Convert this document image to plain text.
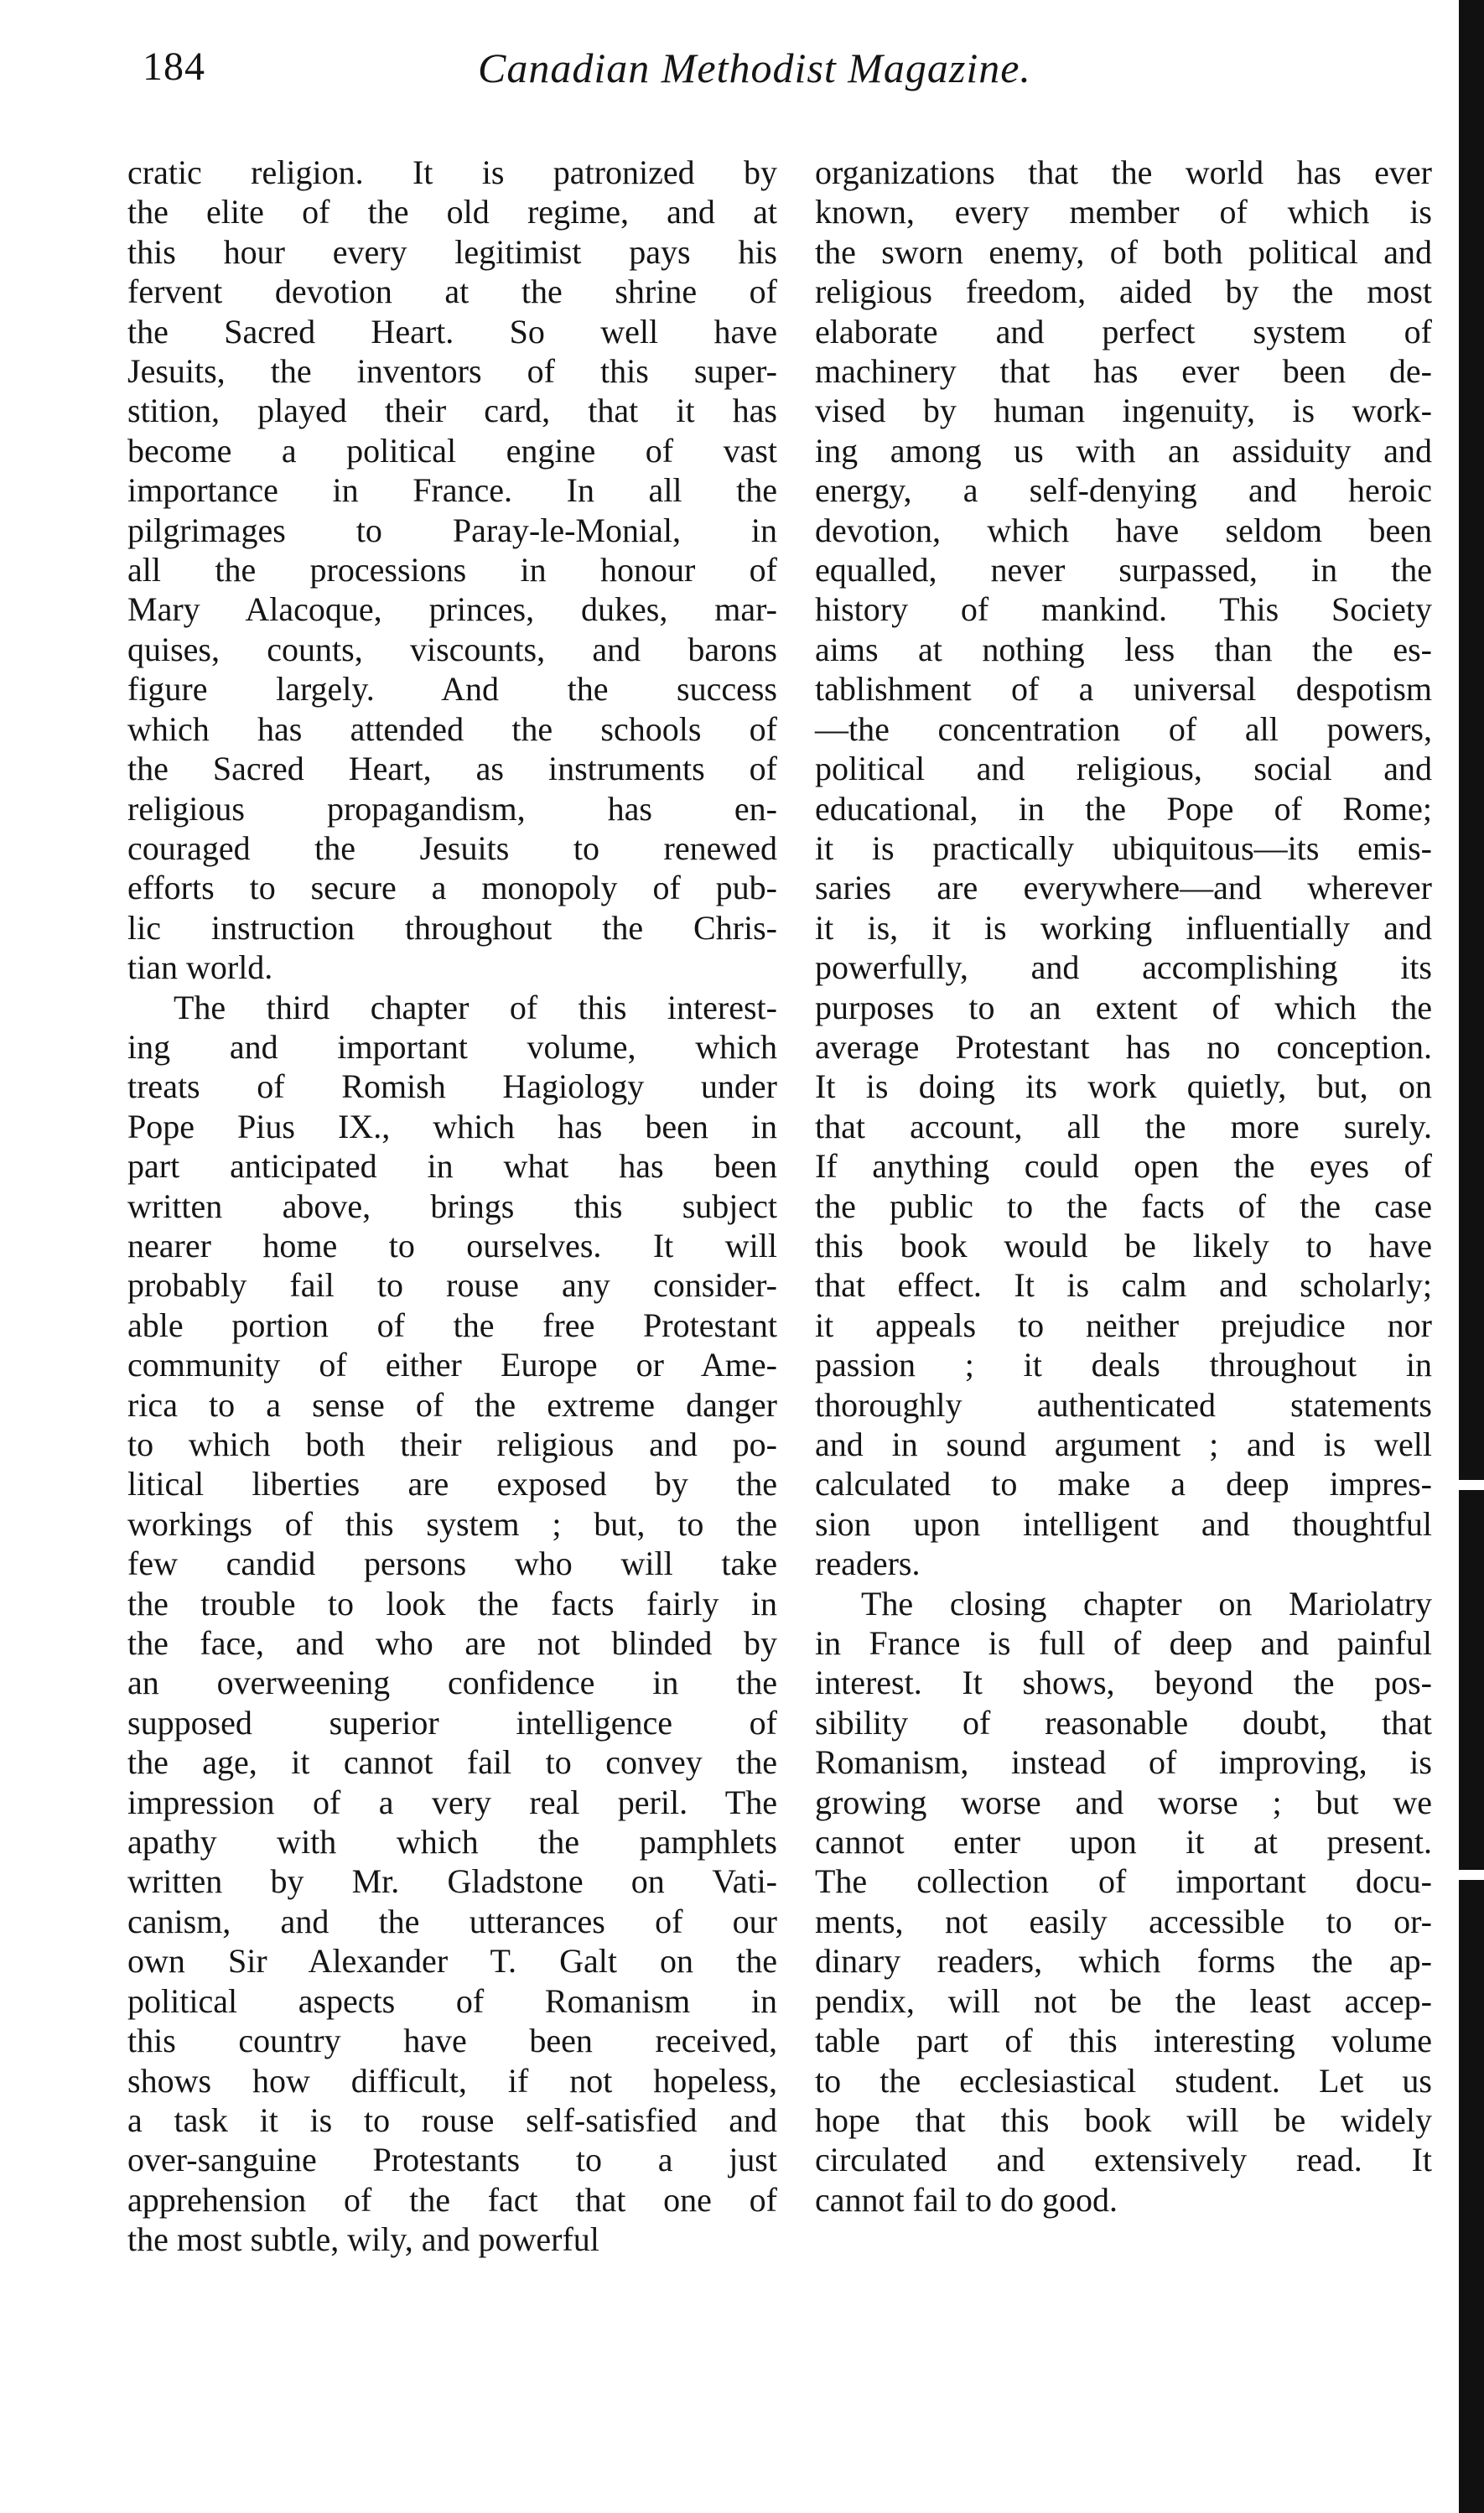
184	Canadian Methodist Magazine.
cratic religion. It is patronized by
the elite of the old regime, and at
this hour every legitimist pays his
fervent devotion at the shrine of
the Sacred Heart. So well have
Jesuits, the inventors of this super-
stition, played their card, that it has
become a political engine of vast
importance in France. In all the
pilgrimages to Paray-le-Monial, in
all the processions in honour of
Mary Alacoque, princes, dukes, mar-
quises, counts, viscounts, and barons
figure largely. And the success
which has attended the schools of
the Sacred Heart, as instruments of
religious propagandism, has en-
couraged the Jesuits to renewed
efforts to secure a monopoly of pub-
lic instruction throughout the Chris-
tian world.
The third chapter of this interest-
ing and important volume, which
treats of Romish Hagiology under
Pope Pius IX., which has been in
part anticipated in what has been
written above, brings this subject
nearer home to ourselves. It will
probably fail to rouse any consider-
able portion of the free Protestant
community of either Europe or Ame-
rica to a sense of the extreme danger
to which both their religious and po-
litical liberties are exposed by the
workings of this system ; but, to the
few candid persons who will take
the trouble to look the facts fairly in
the face, and who are not blinded by
an overweening confidence in the
supposed superior intelligence of
the age, it cannot fail to convey the
impression of a very real peril. The
apathy with which the pamphlets
written by Mr. Gladstone on Vati-
canism, and the utterances of our
own Sir Alexander T. Galt on the
political aspects of Romanism in
this country have been received,
shows how difficult, if not hopeless,
a task it is to rouse self-satisfied and
over-sanguine Protestants to a just
apprehension of the fact that one of
the most subtle, wily, and powerful
organizations that the world has ever
known, every member of which is
the sworn enemy, of both political and
religious freedom, aided by the most
elaborate and perfect system of
machinery that has ever been de-
vised by human ingenuity, is work-
ing among us with an assiduity and
energy, a self-denying and heroic
devotion, which have seldom been
equalled, never surpassed, in the
history of mankind. This Society
aims at nothing less than the es-
tablishment of a universal despotism
—the concentration of all powers,
political and religious, social and
educational, in the Pope of Rome;
it is practically ubiquitous—its emis-
saries are everywhere—and wherever
it is, it is working influentially and
powerfully, and accomplishing its
purposes to an extent of which the
average Protestant has no conception.
It is doing its work quietly, but, on
that account, all the more surely.
If anything could open the eyes of
the public to the facts of the case
this book would be likely to have
that effect. It is calm and scholarly;
it appeals to neither prejudice nor
passion ; it deals throughout in
thoroughly authenticated statements
and in sound argument ; and is well
calculated to make a deep impres-
sion upon intelligent and thoughtful
readers.
The closing chapter on Mariolatry
in France is full of deep and painful
interest. It shows, beyond the pos-
sibility of reasonable doubt, that
Romanism, instead of improving, is
growing worse and worse ; but we
cannot enter upon it at present.
The collection of important docu-
ments, not easily accessible to or-
dinary readers, which forms the ap-
pendix, will not be the least accep-
table part of this interesting volume
to the ecclesiastical student. Let us
hope that this book will be widely
circulated and extensively read. It
cannot fail to do good.
